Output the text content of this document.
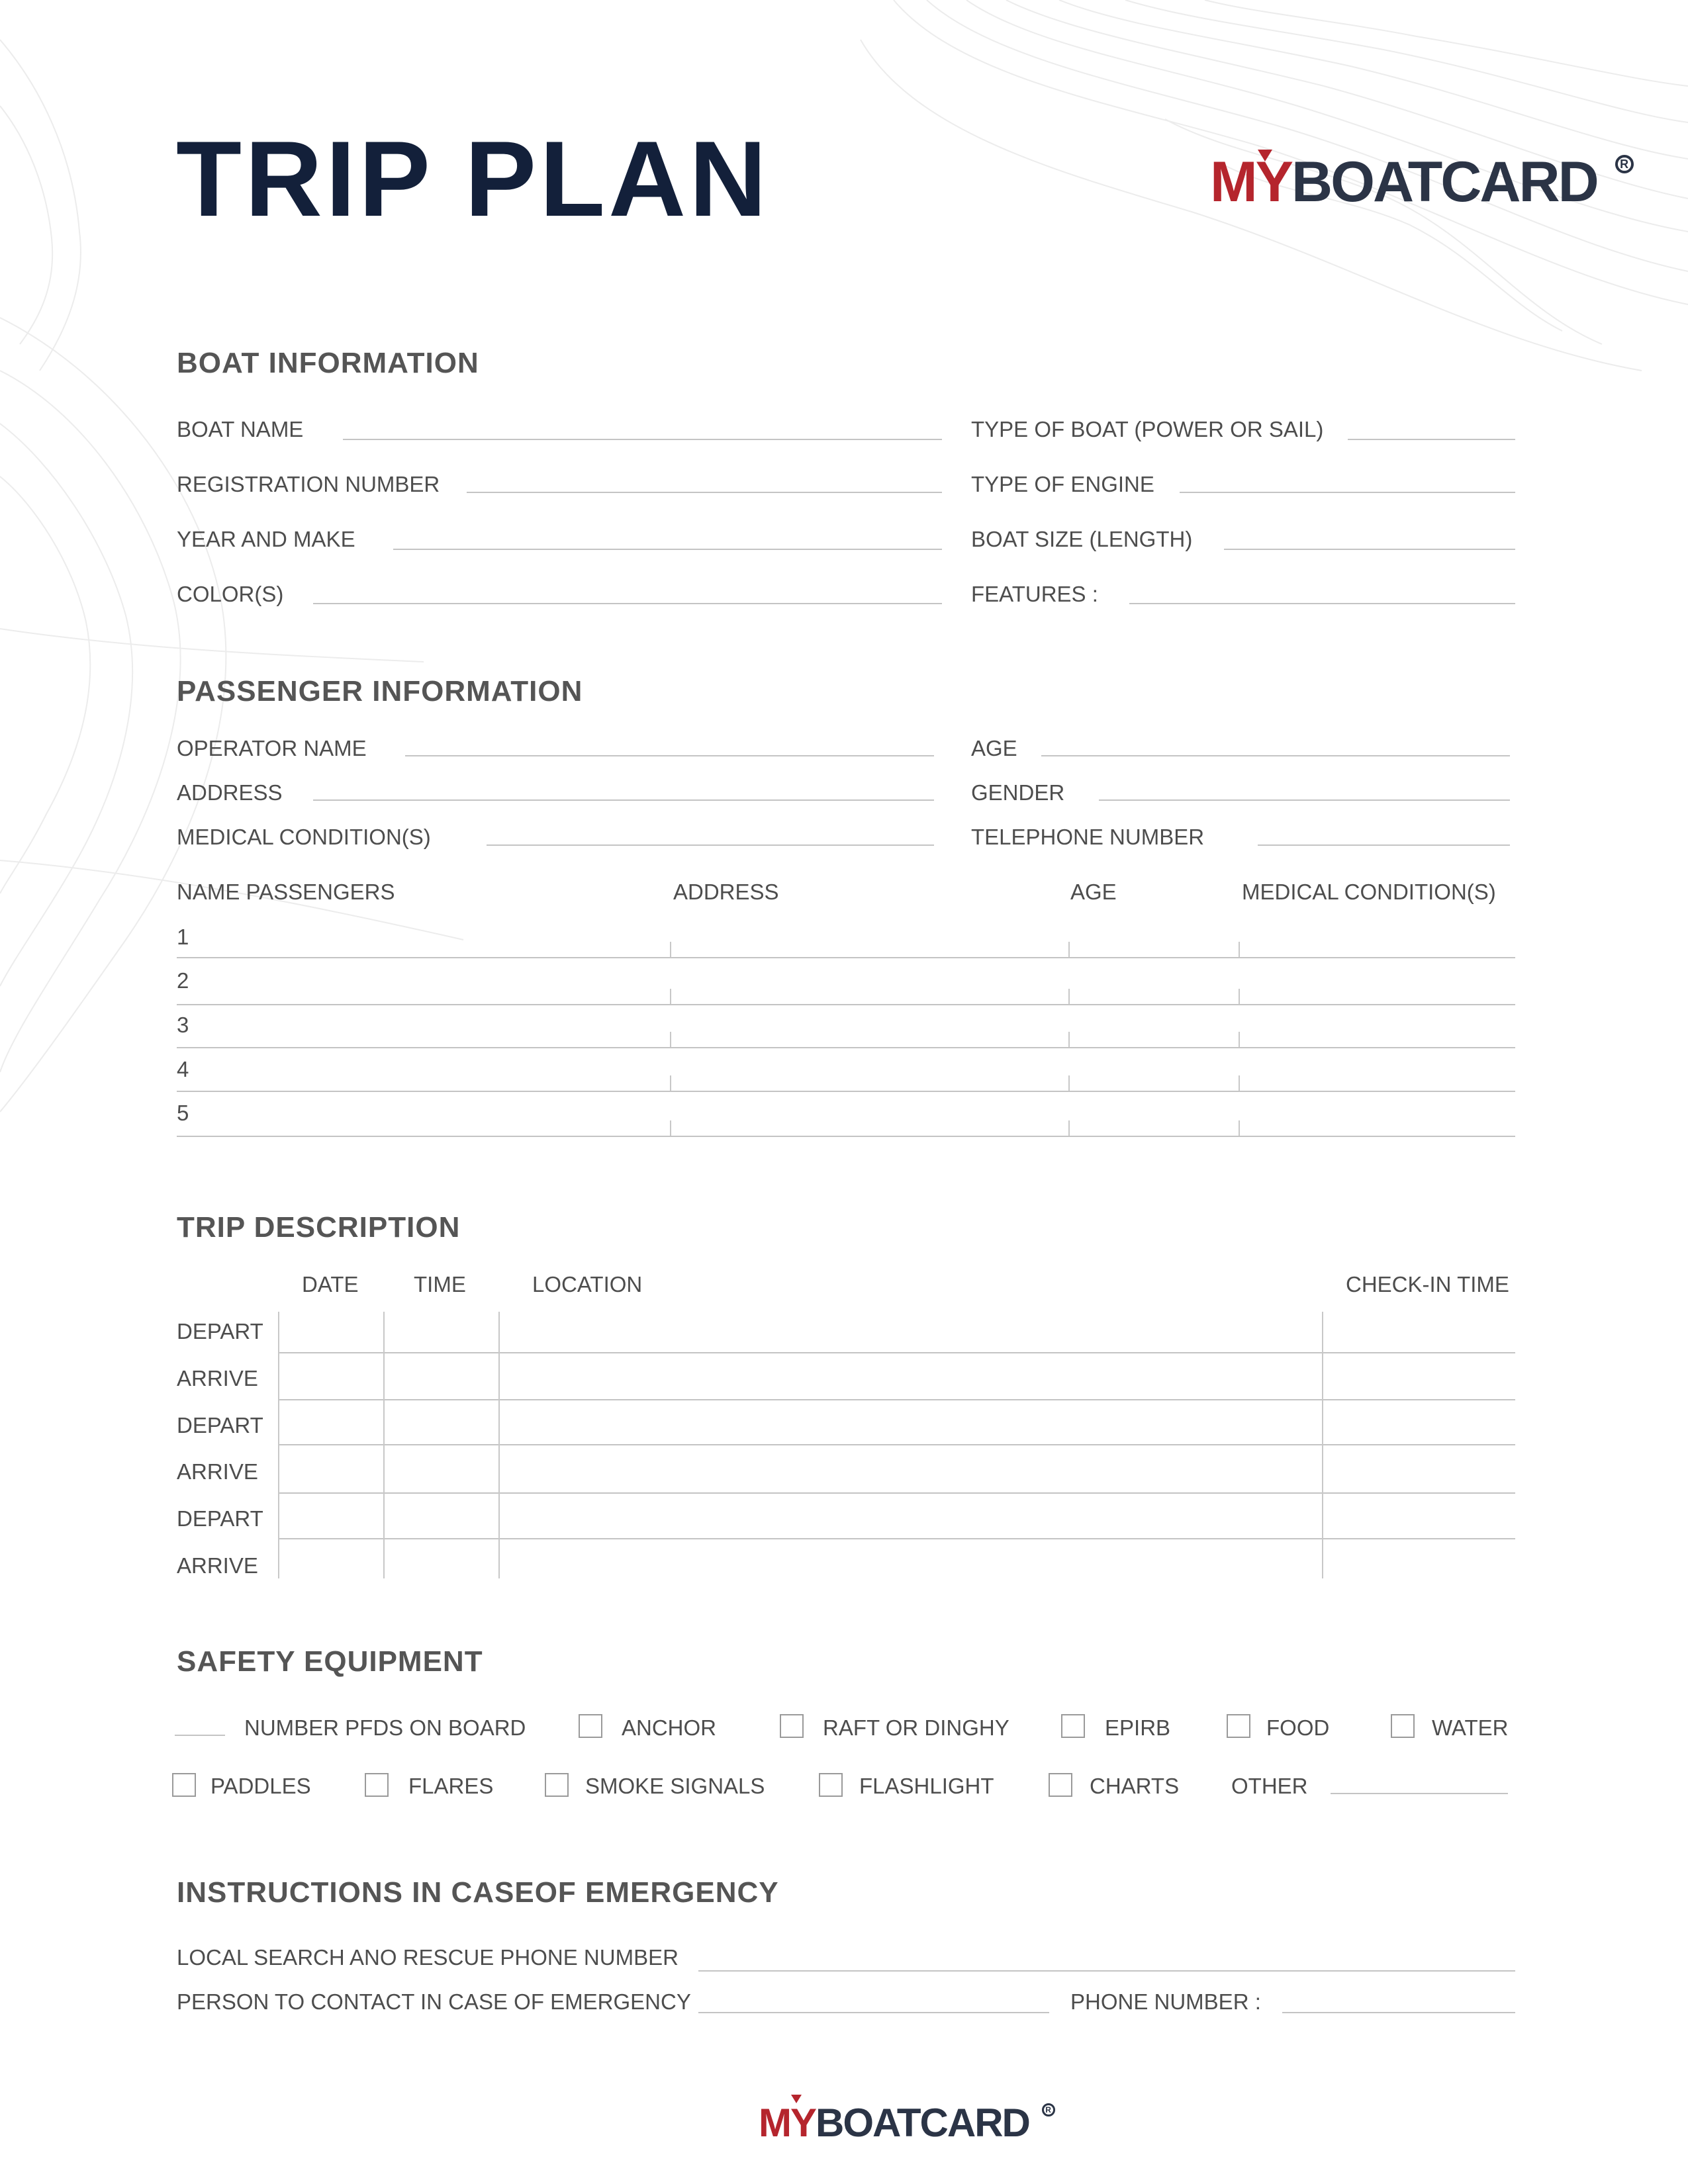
TRIP PLAN	MYBOATCARD R
BOAT INFORMATION
BOAT NAME
REGISTRATION NUMBER
YEAR AND MAKE
COLOR(S)
TYPE OF BOAT (POWER OR SAIL)
TYPE OF ENGINE
BOAT SIZE (LENGTH)
FEATURES :
PASSENGER INFORMATION
OPERATOR NAME
ADDRESS
MEDICAL CONDITION(S)
AGE
GENDER
TELEPHONE NUMBER
NAME PASSENGERS	ADDRESS	AGE	MEDICAL CONDITION(S)
1
2
3
4
5
TRIP DESCRIPTION
DATE	TIME	LOCATION	CHECK-IN TIME
DEPART
ARRIVE
DEPART
ARRIVE
DEPART
ARRIVE
SAFETY EQUIPMENT
NUMBER PFDS ON BOARD	ANCHOR	RAFT OR DINGHY	EPIRB	FOOD	WATER
PADDLES	FLARES	SMOKE SIGNALS	FLASHLIGHT	CHARTS OTHER
INSTRUCTIONS IN CASEOF EMERGENCY
LOCAL SEARCH ANO RESCUE PHONE NUMBER
PERSON TO CONTACT IN CASE OF EMERGENCY	PHONE NUMBER :
MYBOATCARD R
